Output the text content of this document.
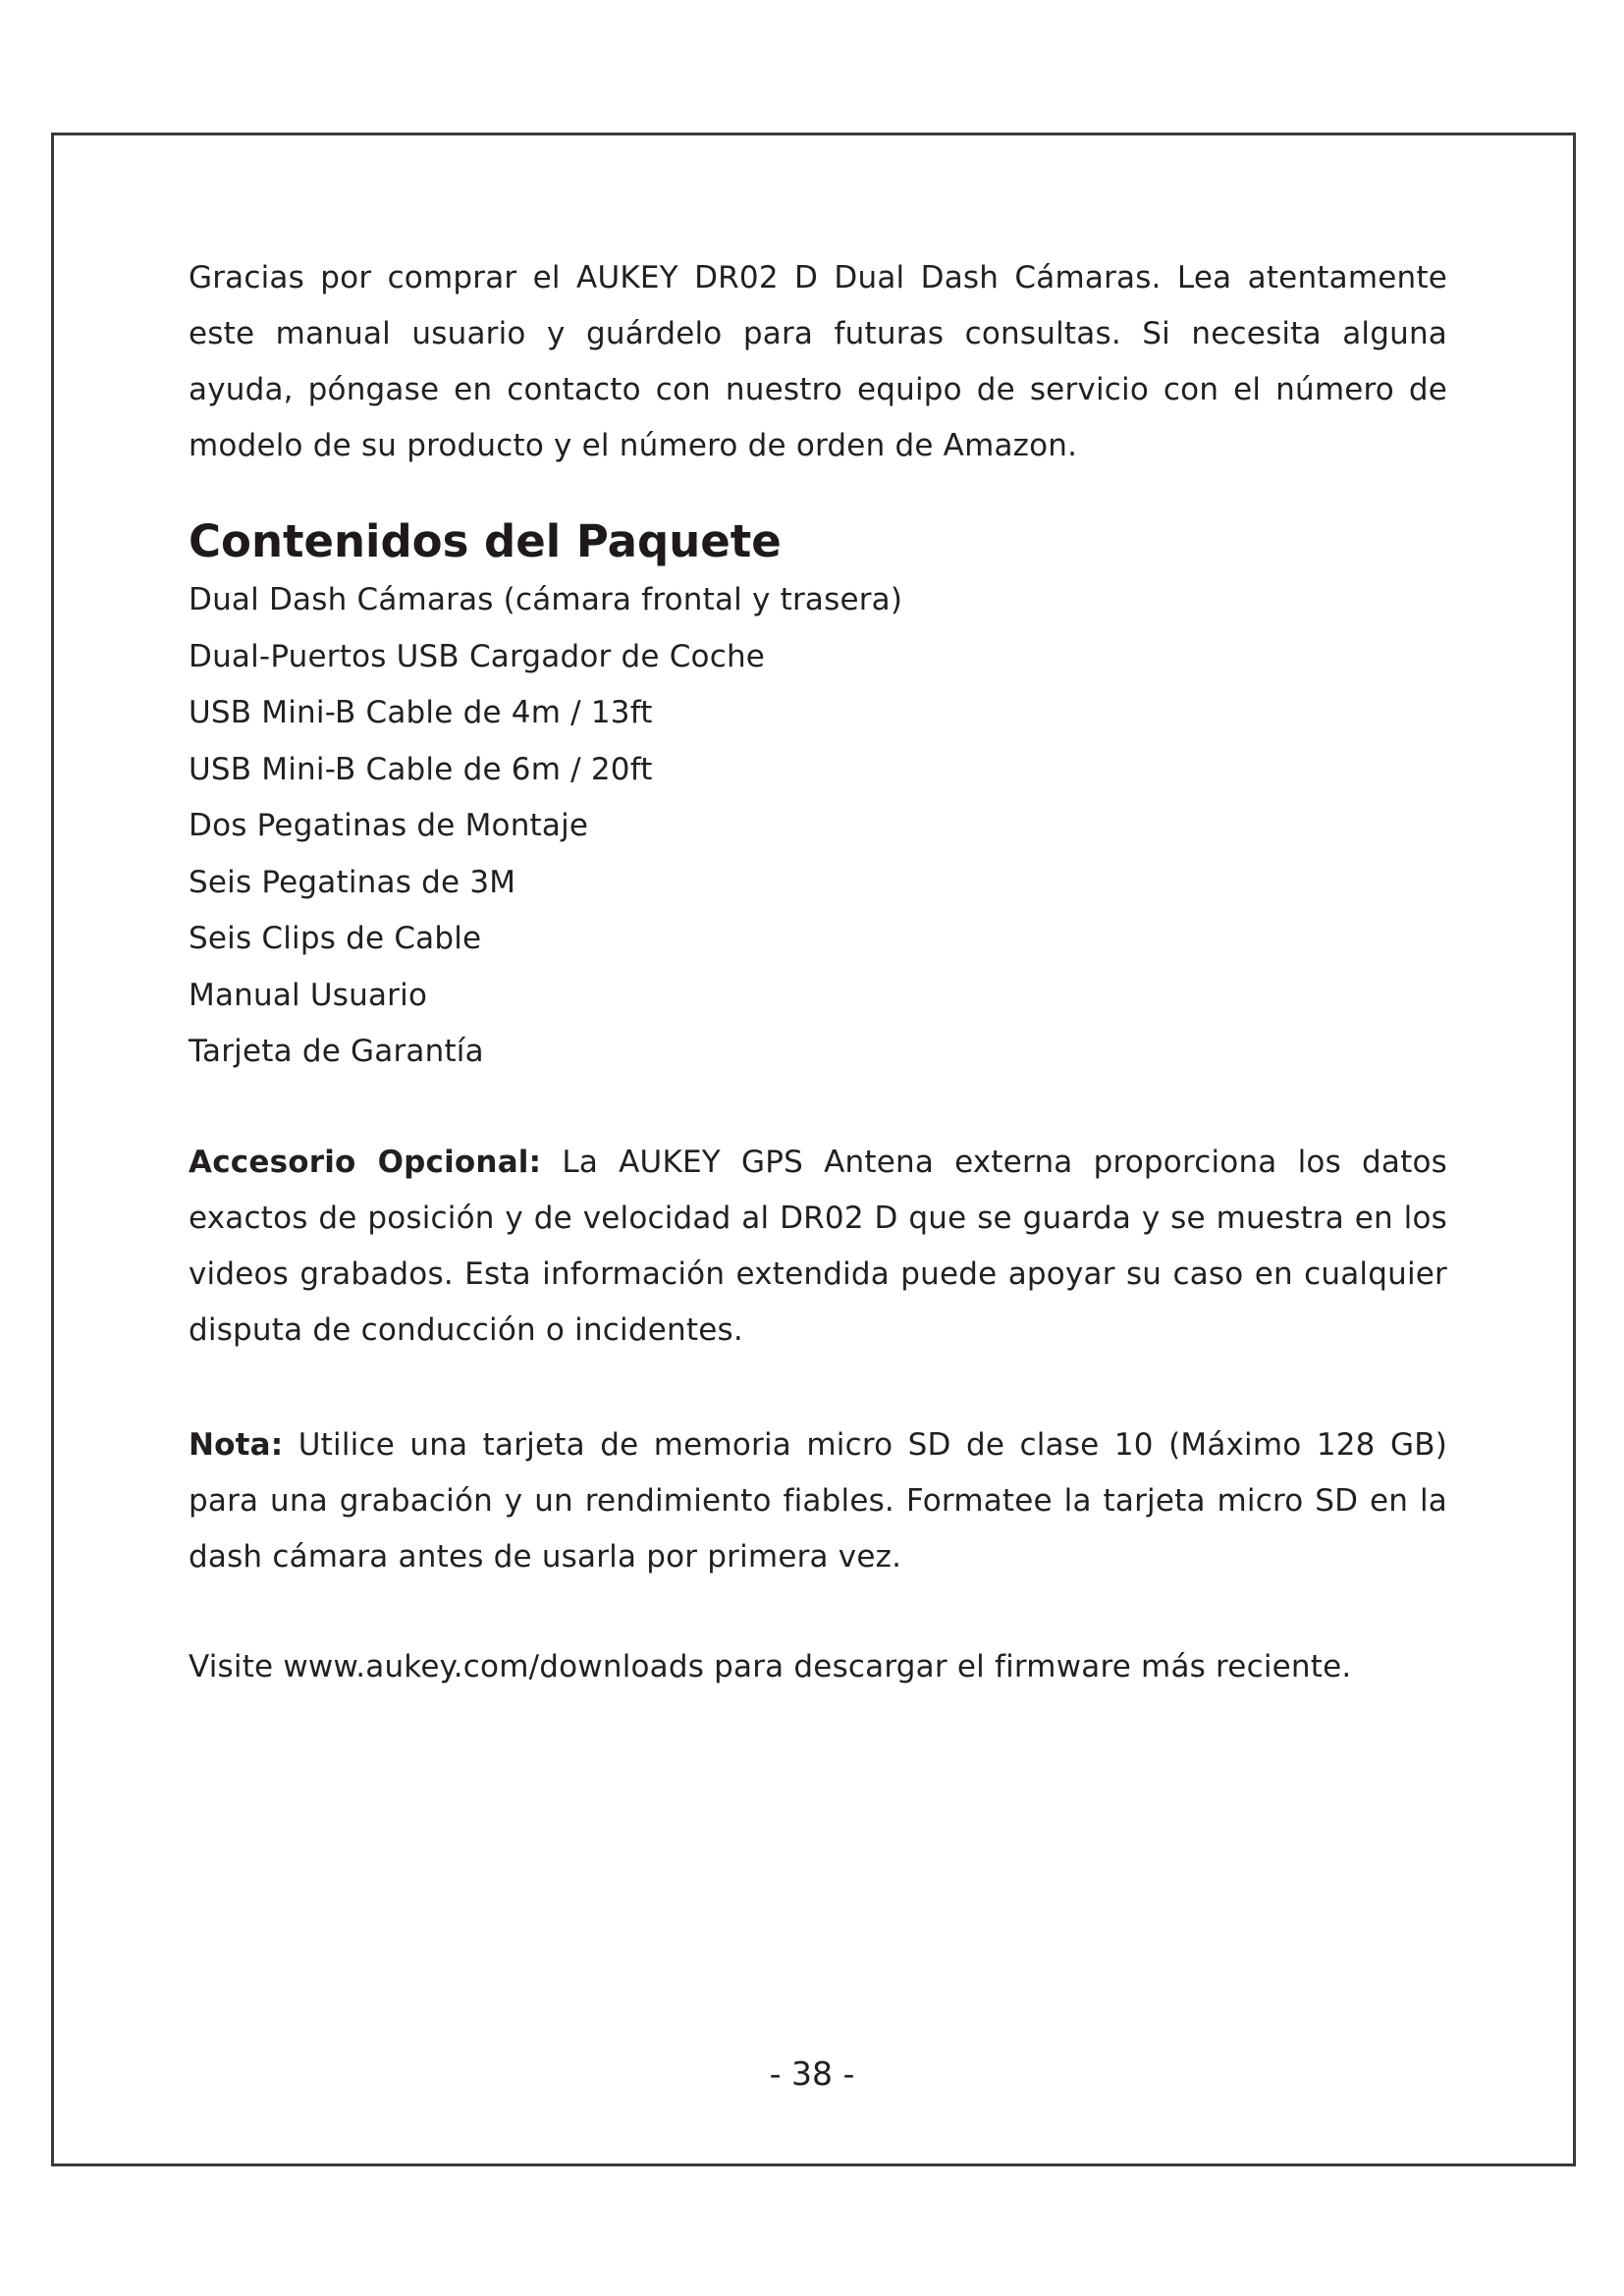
Gracias por comprar el AUKEY DR02 D Dual Dash Cámaras. Lea atentamente este manual usuario y guárdelo para futuras consultas. Si necesita alguna ayuda, póngase en contacto con nuestro equipo de servicio con el número de modelo de su producto y el número de orden de Amazon.

Contenidos del Paquete
Dual Dash Cámaras (cámara frontal y trasera)
Dual-Puertos USB Cargador de Coche
USB Mini-B Cable de 4m / 13ft
USB Mini-B Cable de 6m / 20ft
Dos Pegatinas de Montaje
Seis Pegatinas de 3M
Seis Clips de Cable
Manual Usuario
Tarjeta de Garantía

Accesorio Opcional: La AUKEY GPS Antena externa proporciona los datos exactos de posición y de velocidad al DR02 D que se guarda y se muestra en los videos grabados. Esta información extendida puede apoyar su caso en cualquier disputa de conducción o incidentes.

Nota: Utilice una tarjeta de memoria micro SD de clase 10 (Máximo 128 GB) para una grabación y un rendimiento fiables. Formatee la tarjeta micro SD en la dash cámara antes de usarla por primera vez.

Visite www.aukey.com/downloads para descargar el firmware más reciente.

- 38 -
